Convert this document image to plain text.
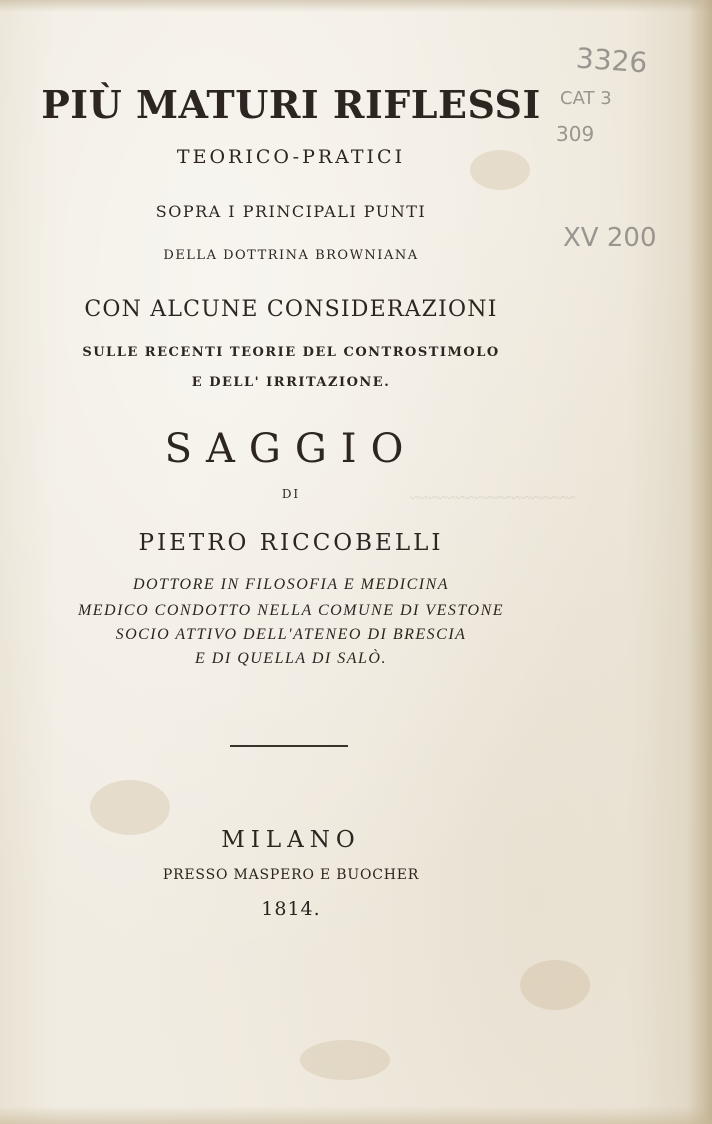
~~~~~~~~~~~~~~~~~~
PIÙ MATURI RIFLESSI
TEORICO-PRATICI
SOPRA I PRINCIPALI PUNTI
DELLA DOTTRINA BROWNIANA
CON ALCUNE CONSIDERAZIONI
SULLE RECENTI TEORIE DEL CONTROSTIMOLO
E DELL' IRRITAZIONE.
SAGGIO
DI
PIETRO RICCOBELLI
DOTTORE IN FILOSOFIA E MEDICINA
MEDICO CONDOTTO NELLA COMUNE DI VESTONE
SOCIO ATTIVO DELL'ATENEO DI BRESCIA
E DI QUELLA DI SALÒ.
MILANO
PRESSO MASPERO E BUOCHER
1814.
3326
CAT 3
309
XV 200
